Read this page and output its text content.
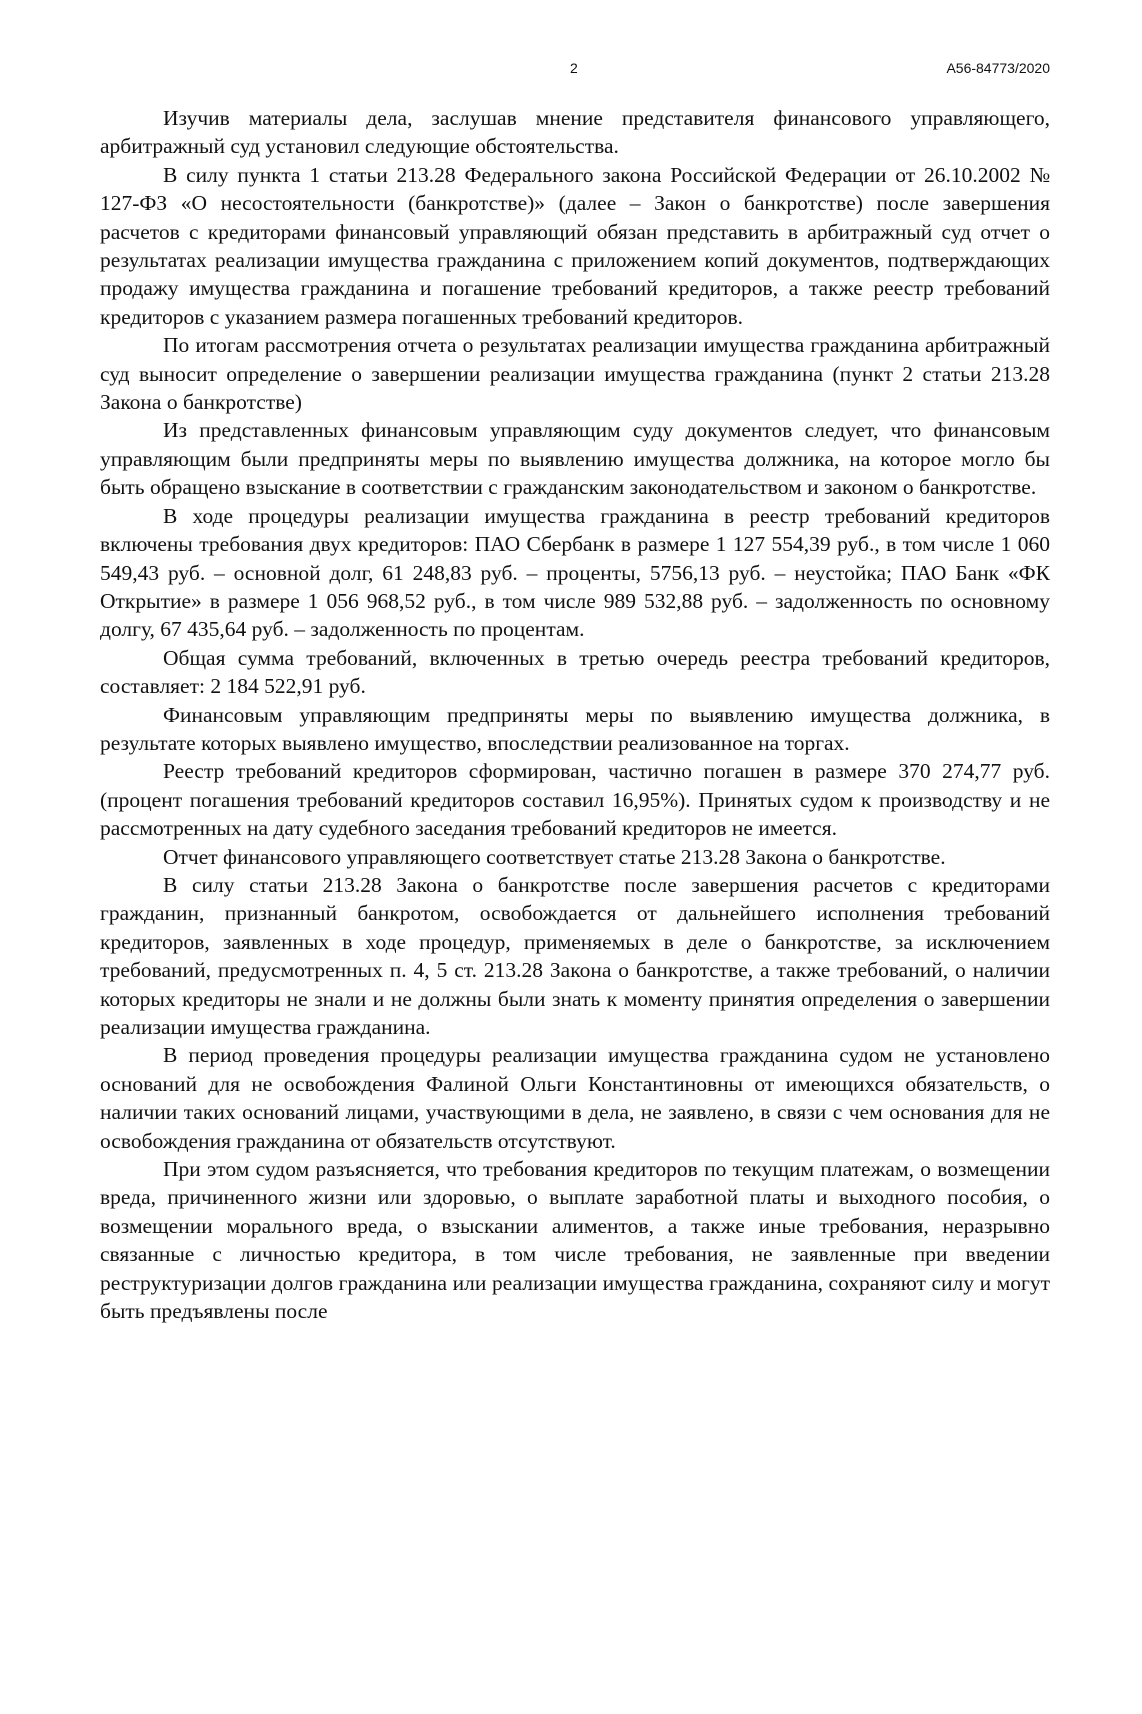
2	А56-84773/2020

Изучив материалы дела, заслушав мнение представителя финансового управляющего, арбитражный суд установил следующие обстоятельства.

В силу пункта 1 статьи 213.28 Федерального закона Российской Федерации от 26.10.2002 № 127-ФЗ «О несостоятельности (банкротстве)» (далее – Закон о банкротстве) после завершения расчетов с кредиторами финансовый управляющий обязан представить в арбитражный суд отчет о результатах реализации имущества гражданина с приложением копий документов, подтверждающих продажу имущества гражданина и погашение требований кредиторов, а также реестр требований кредиторов с указанием размера погашенных требований кредиторов.

По итогам рассмотрения отчета о результатах реализации имущества гражданина арбитражный суд выносит определение о завершении реализации имущества гражданина (пункт 2 статьи 213.28 Закона о банкротстве)

Из представленных финансовым управляющим суду документов следует, что финансовым управляющим были предприняты меры по выявлению имущества должника, на которое могло бы быть обращено взыскание в соответствии с гражданским законодательством и законом о банкротстве.

В ходе процедуры реализации имущества гражданина в реестр требований кредиторов включены требования двух кредиторов: ПАО Сбербанк в размере 1 127 554,39 руб., в том числе 1 060 549,43 руб. – основной долг, 61 248,83 руб. – проценты, 5756,13 руб. – неустойка; ПАО Банк «ФК Открытие» в размере 1 056 968,52 руб., в том числе 989 532,88 руб. – задолженность по основному долгу, 67 435,64 руб. – задолженность по процентам.

Общая сумма требований, включенных в третью очередь реестра требований кредиторов, составляет: 2 184 522,91 руб.

Финансовым управляющим предприняты меры по выявлению имущества должника, в результате которых выявлено имущество, впоследствии реализованное на торгах.

Реестр требований кредиторов сформирован, частично погашен в размере 370 274,77 руб. (процент погашения требований кредиторов составил 16,95%). Принятых судом к производству и не рассмотренных на дату судебного заседания требований кредиторов не имеется.

Отчет финансового управляющего соответствует статье 213.28 Закона о банкротстве.

В силу статьи 213.28 Закона о банкротстве после завершения расчетов с кредиторами гражданин, признанный банкротом, освобождается от дальнейшего исполнения требований кредиторов, заявленных в ходе процедур, применяемых в деле о банкротстве, за исключением требований, предусмотренных п. 4, 5 ст. 213.28 Закона о банкротстве, а также требований, о наличии которых кредиторы не знали и не должны были знать к моменту принятия определения о завершении реализации имущества гражданина.

В период проведения процедуры реализации имущества гражданина судом не установлено оснований для не освобождения Фалиной Ольги Константиновны от имеющихся обязательств, о наличии таких оснований лицами, участвующими в дела, не заявлено, в связи с чем основания для не освобождения гражданина от обязательств отсутствуют.

При этом судом разъясняется, что требования кредиторов по текущим платежам, о возмещении вреда, причиненного жизни или здоровью, о выплате заработной платы и выходного пособия, о возмещении морального вреда, о взыскании алиментов, а также иные требования, неразрывно связанные с личностью кредитора, в том числе требования, не заявленные при введении реструктуризации долгов гражданина или реализации имущества гражданина, сохраняют силу и могут быть предъявлены после
